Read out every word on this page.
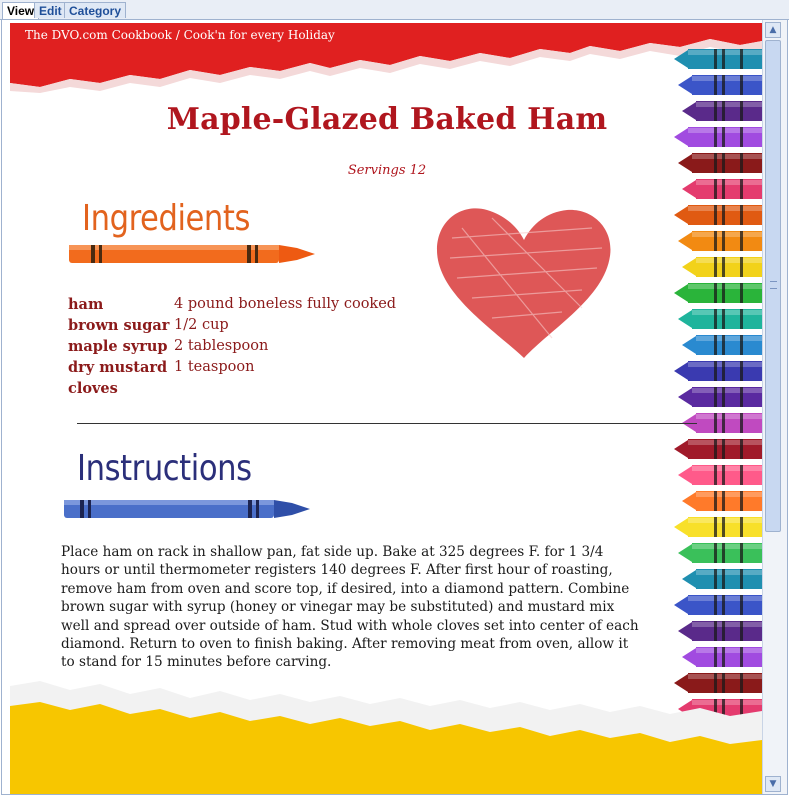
View Edit Category
The DVO.com Cookbook / Cook'n for every Holiday
Maple-Glazed Baked Ham
Servings 12
Ingredients
ham	4 pound boneless fully cooked
brown sugar 1/2 cup
maple syrup 2 tablespoon
dry mustard 1 teaspoon
cloves
Instructions
Place ham on rack in shallow pan, fat side up. Bake at 325 degrees F. for 1 3/4
hours or until thermometer registers 140 degrees F. After first hour of roasting,
remove ham from oven and score top, if desired, into a diamond pattern. Combine
brown sugar with syrup (honey or vinegar may be substituted) and mustard mix
well and spread over outside of ham. Stud with whole cloves set into center of each
diamond. Return to oven to finish baking. After removing meat from oven, allow it
to stand for 15 minutes before carving.
▲
▼
